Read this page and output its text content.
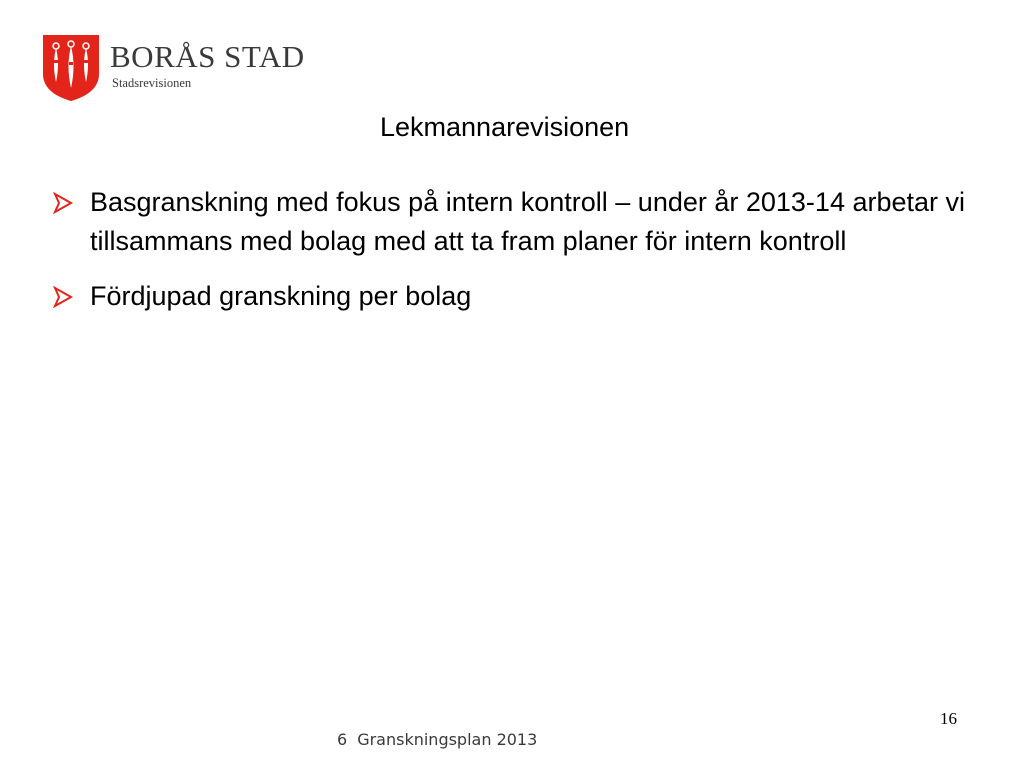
BORÅS STAD
Stadsrevisionen
Lekmannarevisionen
Basgranskning med fokus på intern kontroll – under år 2013-14 arbetar vi tillsammans med bolag med att ta fram planer för intern kontroll
Fördjupad granskning per bolag
16
6 Granskningsplan 2013
